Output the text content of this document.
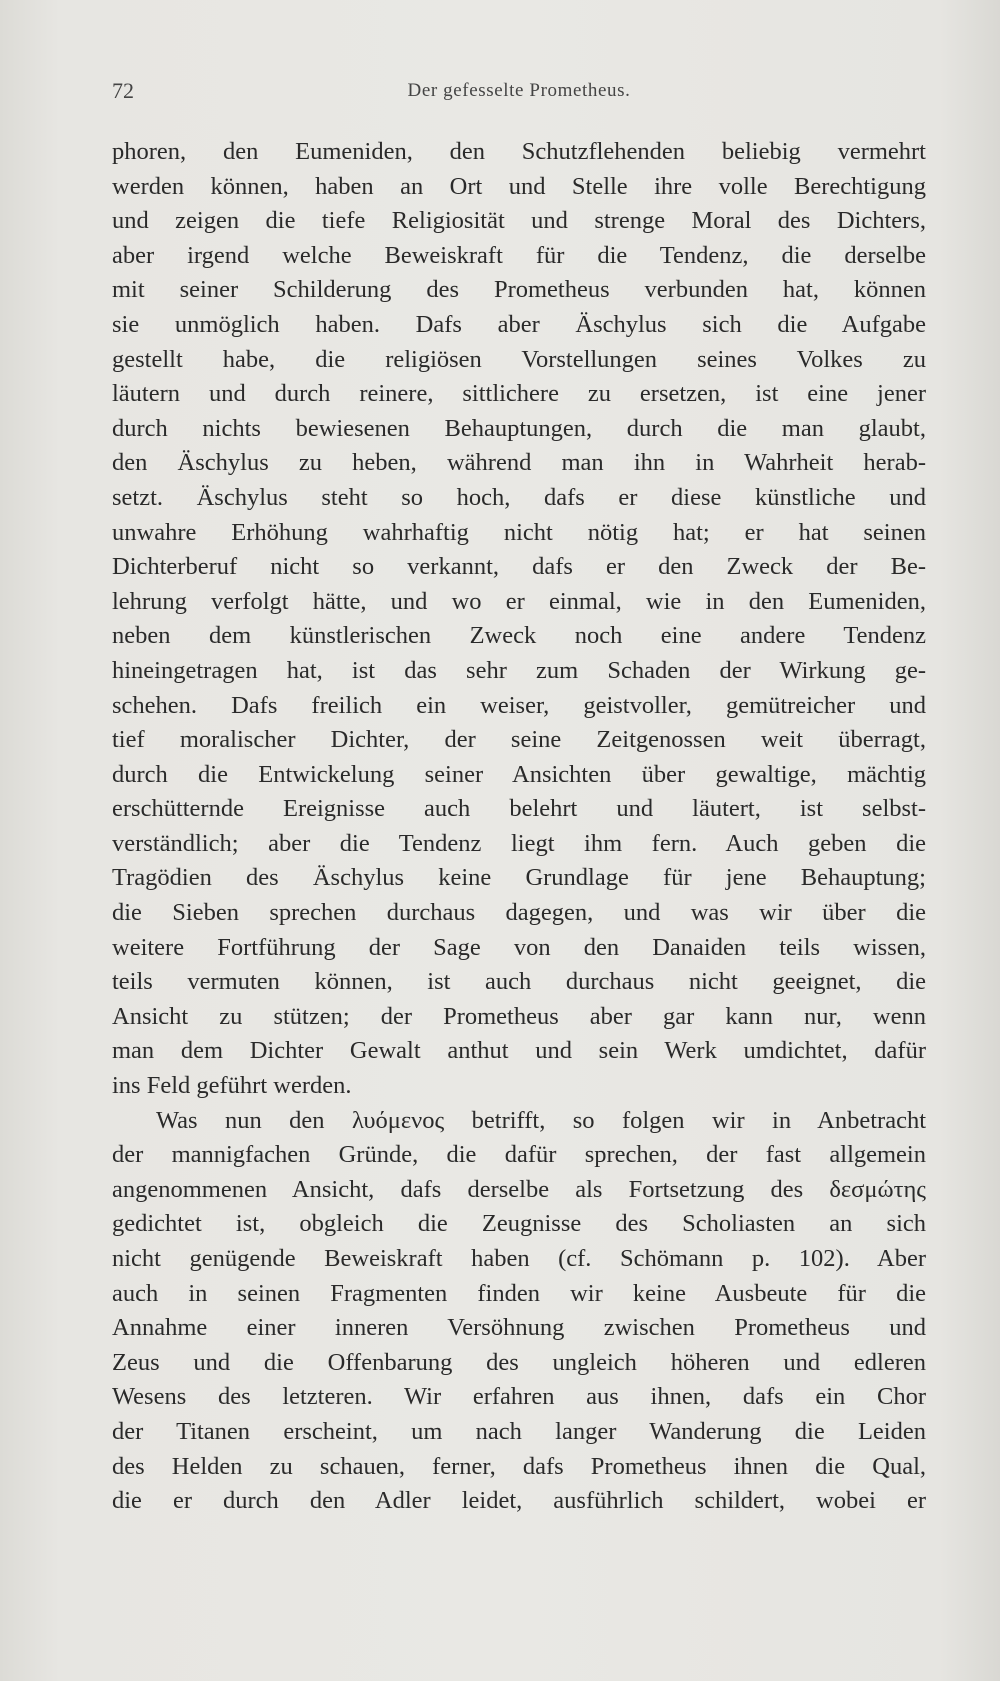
72	Der gefesselte Prometheus.
phoren, den Eumeniden, den Schutzflehenden beliebig vermehrt
werden können, haben an Ort und Stelle ihre volle Berechtigung
und zeigen die tiefe Religiosität und strenge Moral des Dichters,
aber irgend welche Beweiskraft für die Tendenz, die derselbe
mit seiner Schilderung des Prometheus verbunden hat, können
sie unmöglich haben. Dafs aber Äschylus sich die Aufgabe
gestellt habe, die religiösen Vorstellungen seines Volkes zu
läutern und durch reinere, sittlichere zu ersetzen, ist eine jener
durch nichts bewiesenen Behauptungen, durch die man glaubt,
den Äschylus zu heben, während man ihn in Wahrheit herab-
setzt. Äschylus steht so hoch, dafs er diese künstliche und
unwahre Erhöhung wahrhaftig nicht nötig hat; er hat seinen
Dichterberuf nicht so verkannt, dafs er den Zweck der Be-
lehrung verfolgt hätte, und wo er einmal, wie in den Eumeniden,
neben dem künstlerischen Zweck noch eine andere Tendenz
hineingetragen hat, ist das sehr zum Schaden der Wirkung ge-
schehen. Dafs freilich ein weiser, geistvoller, gemütreicher und
tief moralischer Dichter, der seine Zeitgenossen weit überragt,
durch die Entwickelung seiner Ansichten über gewaltige, mächtig
erschütternde Ereignisse auch belehrt und läutert, ist selbst-
verständlich; aber die Tendenz liegt ihm fern. Auch geben die
Tragödien des Äschylus keine Grundlage für jene Behauptung;
die Sieben sprechen durchaus dagegen, und was wir über die
weitere Fortführung der Sage von den Danaiden teils wissen,
teils vermuten können, ist auch durchaus nicht geeignet, die
Ansicht zu stützen; der Prometheus aber gar kann nur, wenn
man dem Dichter Gewalt anthut und sein Werk umdichtet, dafür
ins Feld geführt werden.
Was nun den λυόμενος betrifft, so folgen wir in Anbetracht
der mannigfachen Gründe, die dafür sprechen, der fast allgemein
angenommenen Ansicht, dafs derselbe als Fortsetzung des δεσμώτης
gedichtet ist, obgleich die Zeugnisse des Scholiasten an sich
nicht genügende Beweiskraft haben (cf. Schömann p. 102). Aber
auch in seinen Fragmenten finden wir keine Ausbeute für die
Annahme einer inneren Versöhnung zwischen Prometheus und
Zeus und die Offenbarung des ungleich höheren und edleren
Wesens des letzteren. Wir erfahren aus ihnen, dafs ein Chor
der Titanen erscheint, um nach langer Wanderung die Leiden
des Helden zu schauen, ferner, dafs Prometheus ihnen die Qual,
die er durch den Adler leidet, ausführlich schildert, wobei er
